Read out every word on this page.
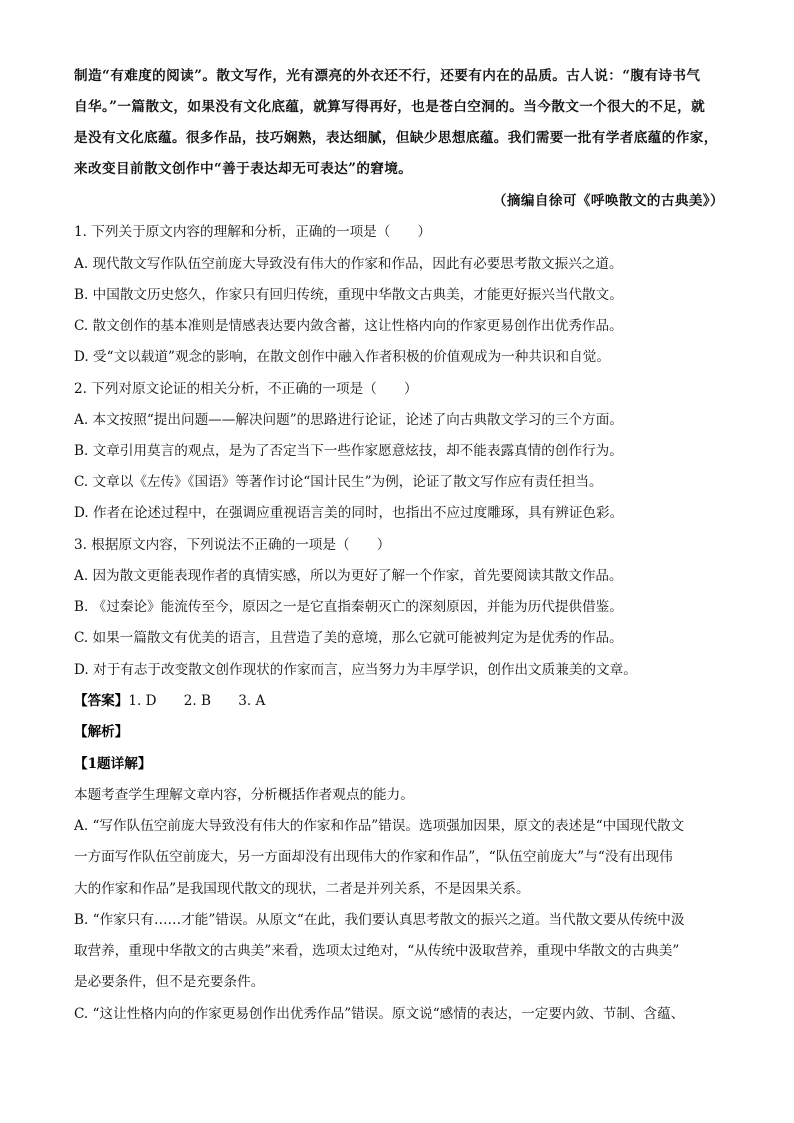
制造“有难度的阅读”。散文写作，光有漂亮的外衣还不行，还要有内在的品质。古人说：“腹有诗书气

自华。”一篇散文，如果没有文化底蕴，就算写得再好，也是苍白空洞的。当今散文一个很大的不足，就

是没有文化底蕴。很多作品，技巧娴熟，表达细腻，但缺少思想底蕴。我们需要一批有学者底蕴的作家，

来改变目前散文创作中“善于表达却无可表达”的窘境。

（摘编自徐可《呼唤散文的古典美》）

1. 下列关于原文内容的理解和分析，正确的一项是（　　）

A. 现代散文写作队伍空前庞大导致没有伟大的作家和作品，因此有必要思考散文振兴之道。

B. 中国散文历史悠久，作家只有回归传统，重现中华散文古典美，才能更好振兴当代散文。

C. 散文创作的基本准则是情感表达要内敛含蓄，这让性格内向的作家更易创作出优秀作品。

D. 受“文以载道”观念的影响，在散文创作中融入作者积极的价值观成为一种共识和自觉。

2. 下列对原文论证的相关分析，不正确的一项是（　　）

A. 本文按照“提出问题——解决问题”的思路进行论证，论述了向古典散文学习的三个方面。

B. 文章引用莫言的观点，是为了否定当下一些作家愿意炫技，却不能表露真情的创作行为。

C. 文章以《左传》《国语》等著作讨论“国计民生”为例，论证了散文写作应有责任担当。

D. 作者在论述过程中，在强调应重视语言美的同时，也指出不应过度雕琢，具有辨证色彩。

3. 根据原文内容，下列说法不正确的一项是（　　）

A. 因为散文更能表现作者的真情实感，所以为更好了解一个作家，首先要阅读其散文作品。

B. 《过秦论》能流传至今，原因之一是它直指秦朝灭亡的深刻原因，并能为历代提供借鉴。

C. 如果一篇散文有优美的语言，且营造了美的意境，那么它就可能被判定为是优秀的作品。

D. 对于有志于改变散文创作现状的作家而言，应当努力为丰厚学识，创作出文质兼美的文章。

【答案】1. D　　2. B　　3. A

【解析】

【1题详解】

本题考查学生理解文章内容，分析概括作者观点的能力。

A. “写作队伍空前庞大导致没有伟大的作家和作品”错误。选项强加因果，原文的表述是“中国现代散文

一方面写作队伍空前庞大，另一方面却没有出现伟大的作家和作品”，“队伍空前庞大”与“没有出现伟

大的作家和作品”是我国现代散文的现状，二者是并列关系，不是因果关系。

B. “作家只有……才能”错误。从原文“在此，我们要认真思考散文的振兴之道。当代散文要从传统中汲

取营养，重现中华散文的古典美”来看，选项太过绝对，“从传统中汲取营养，重现中华散文的古典美”

是必要条件，但不是充要条件。

C. “这让性格内向的作家更易创作出优秀作品”错误。原文说“感情的表达，一定要内敛、节制、含蕴、
